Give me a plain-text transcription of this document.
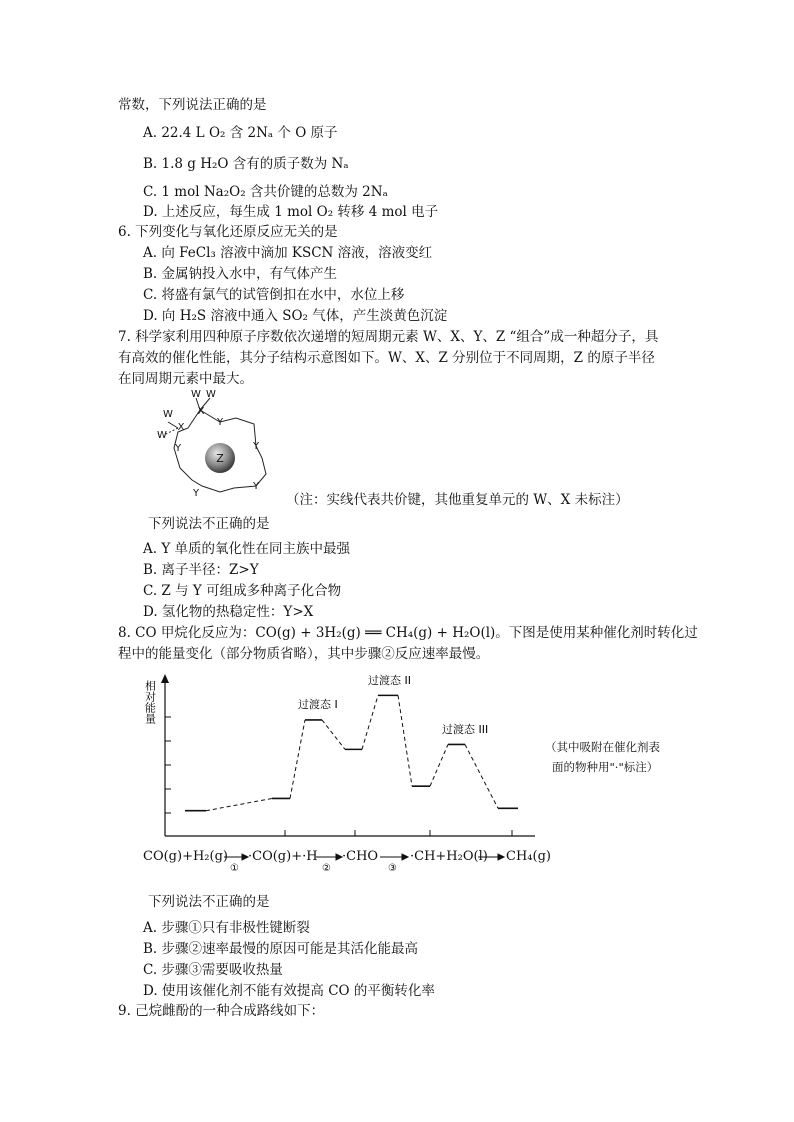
常数，下列说法正确的是
A. 22.4 L O₂ 含 2Nₐ 个 O 原子
B. 1.8 g H₂O 含有的质子数为 Nₐ
C. 1 mol Na₂O₂ 含共价键的总数为 2Nₐ
D. 上述反应，每生成 1 mol O₂ 转移 4 mol 电子
6. 下列变化与氧化还原反应无关的是
A. 向 FeCl₃ 溶液中滴加 KSCN 溶液，溶液变红
B. 金属钠投入水中，有气体产生
C. 将盛有氯气的试管倒扣在水中，水位上移
D. 向 H₂S 溶液中通入 SO₂ 气体，产生淡黄色沉淀
7. 科学家利用四种原子序数依次递增的短周期元素 W、X、Y、Z “组合”成一种超分子，具
有高效的催化性能，其分子结构示意图如下。W、X、Z 分别位于不同周期，Z 的原子半径
在同周期元素中最大。
W W
X
Y
W
X
W
Y
Y
Y
Y
Z
（注：实线代表共价键，其他重复单元的 W、X 未标注）
下列说法不正确的是
A. Y 单质的氧化性在同主族中最强
B. 离子半径：Z>Y
C. Z 与 Y 可组成多种离子化合物
D. 氢化物的热稳定性：Y>X
8. CO 甲烷化反应为：CO(g) + 3H₂(g) ══ CH₄(g) + H₂O(l)。下图是使用某种催化剂时转化过
程中的能量变化（部分物质省略），其中步骤②反应速率最慢。
相对能量	过渡态 I
过渡态 II
过渡态 III
（其中吸附在催化剂表
面的物种用"·"标注）
CO(g)+H₂(g) ·CO(g)+·H ·CHO ·CH+H₂O(l) CH₄(g)
①	②	③
下列说法不正确的是
A. 步骤①只有非极性键断裂
B. 步骤②速率最慢的原因可能是其活化能最高
C. 步骤③需要吸收热量
D. 使用该催化剂不能有效提高 CO 的平衡转化率
9. 己烷雌酚的一种合成路线如下：
